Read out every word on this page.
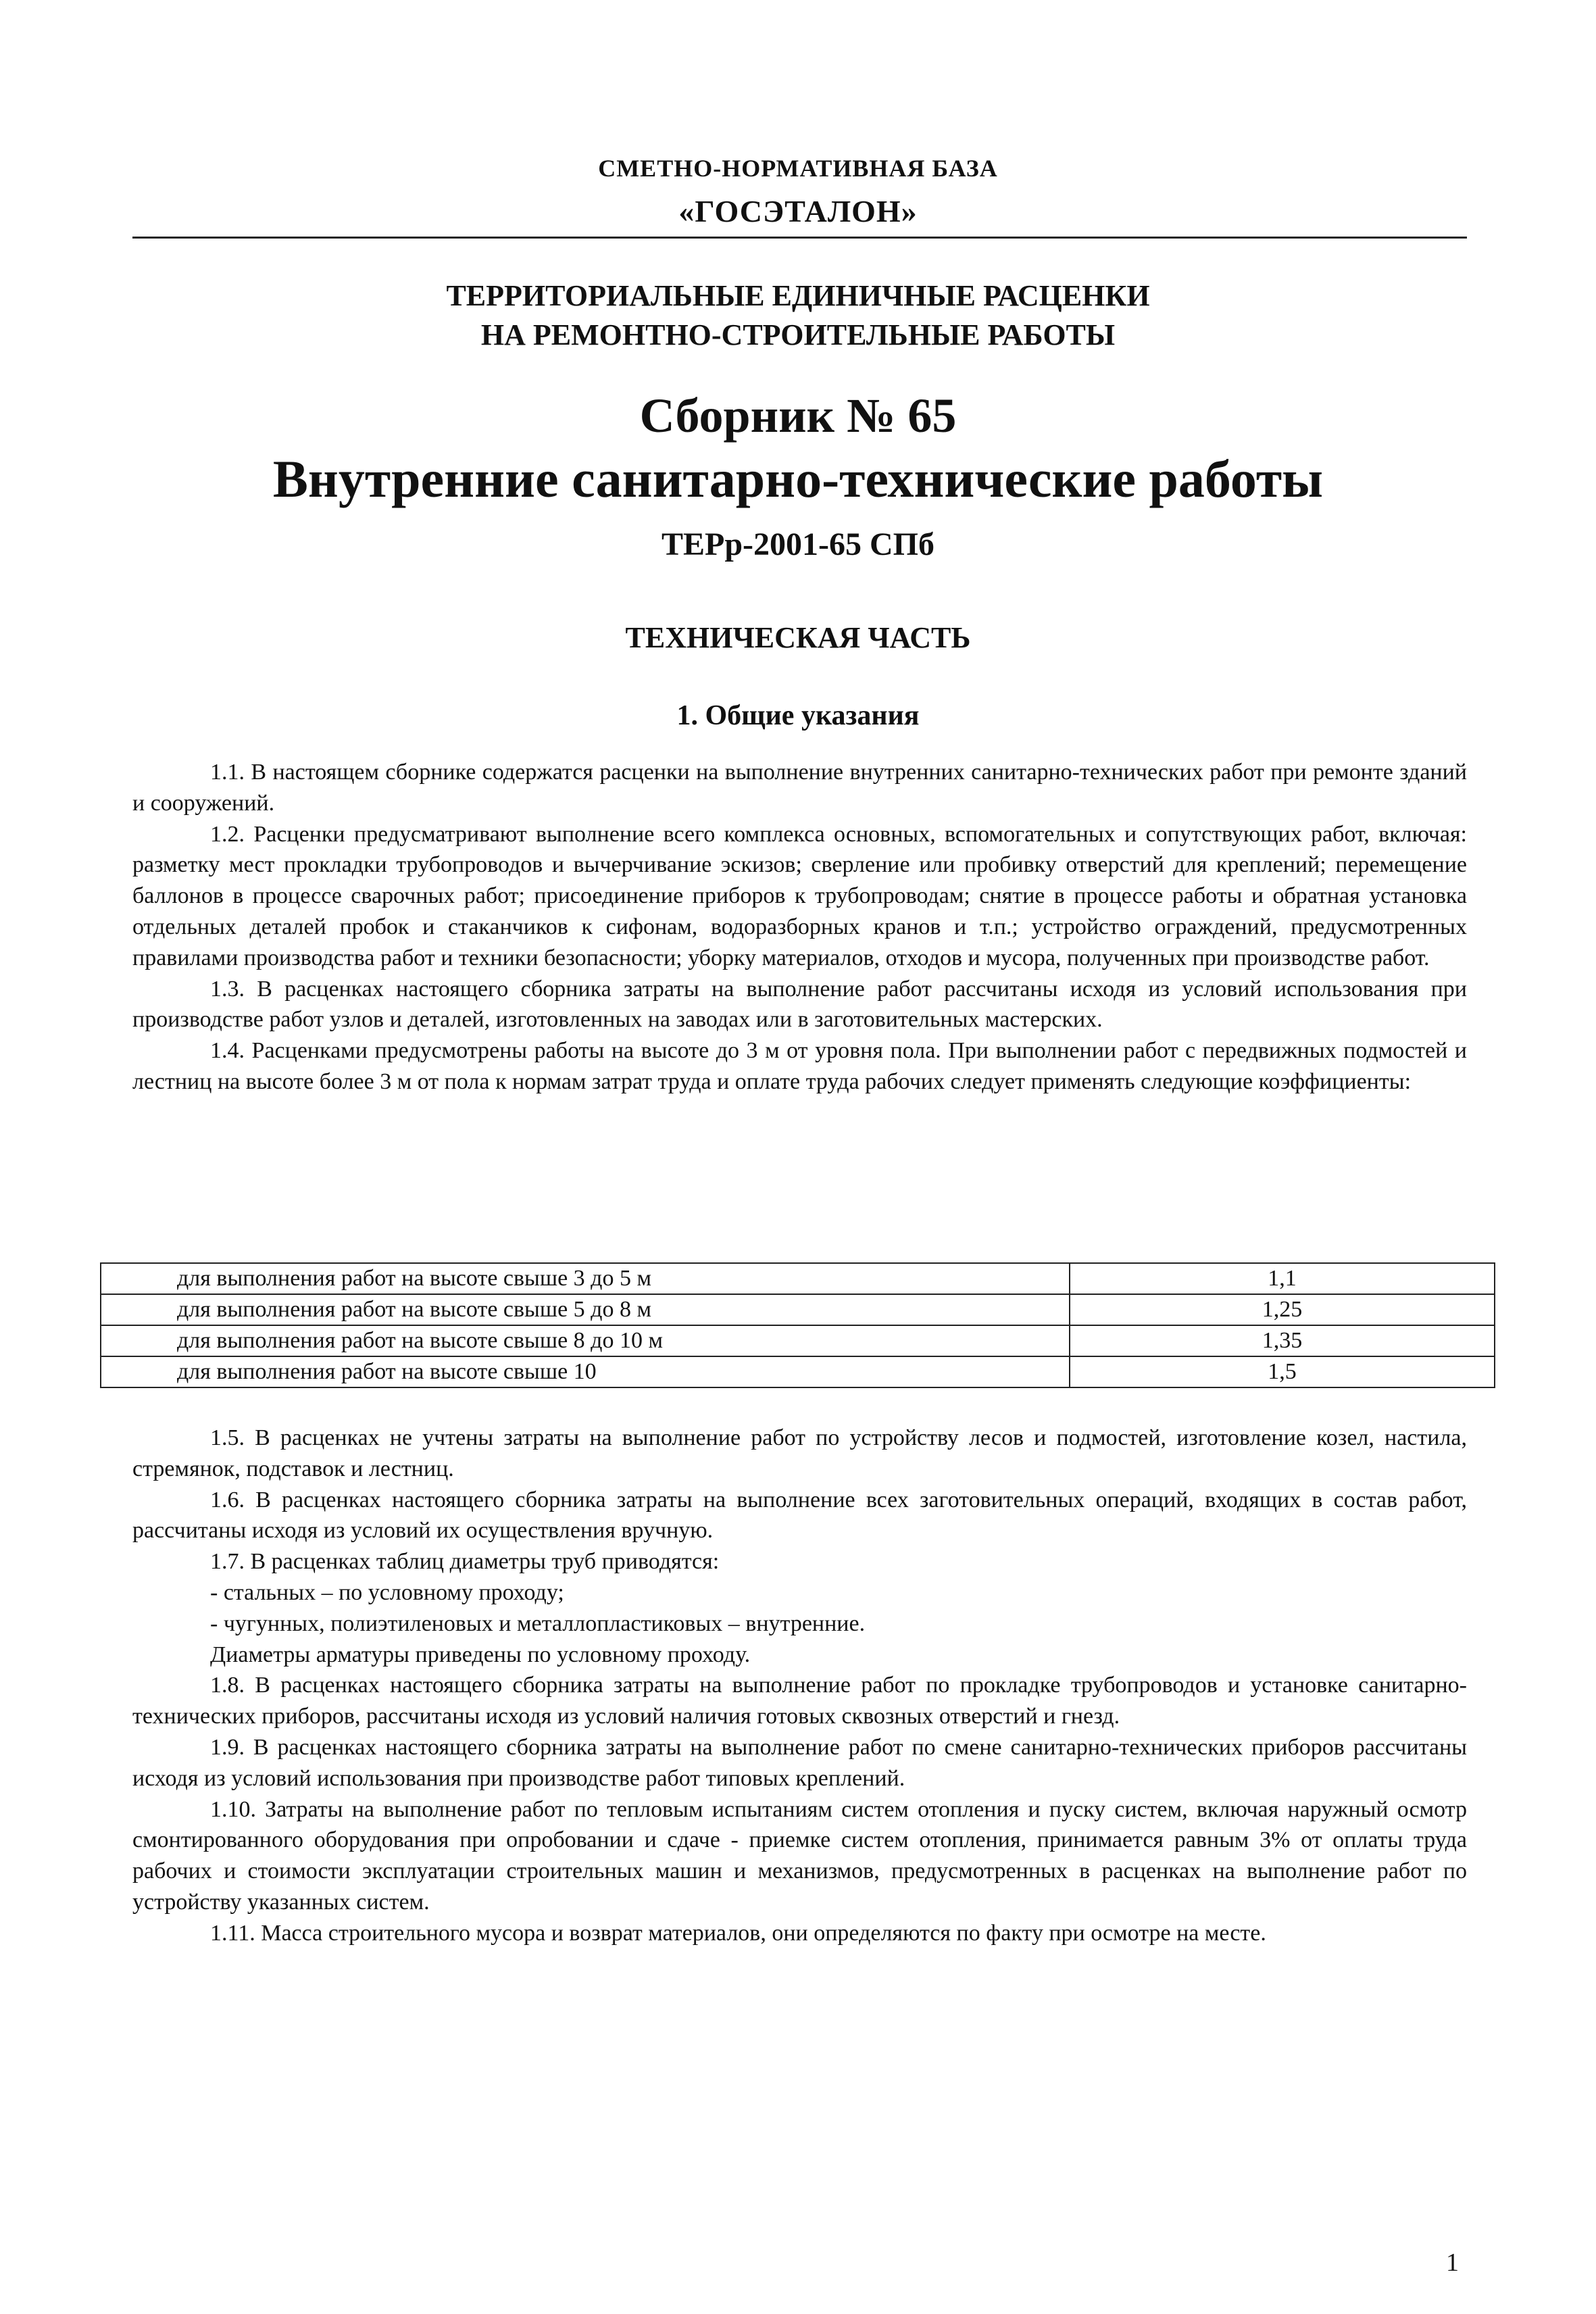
СМЕТНО-НОРМАТИВНАЯ БАЗА
«ГОСЭТАЛОН»
ТЕРРИТОРИАЛЬНЫЕ ЕДИНИЧНЫЕ РАСЦЕНКИ
НА РЕМОНТНО-СТРОИТЕЛЬНЫЕ РАБОТЫ
Сборник № 65
Внутренние санитарно-технические работы
ТЕРр-2001-65 СПб
ТЕХНИЧЕСКАЯ ЧАСТЬ
1. Общие указания

1.1. В настоящем сборнике содержатся расценки на выполнение внутренних санитарно-технических работ при ремонте зданий и сооружений.

1.2. Расценки предусматривают выполнение всего комплекса основных, вспомогательных и сопутствующих работ, включая: разметку мест прокладки трубопроводов и вычерчивание эскизов; сверление или пробивку отверстий для креплений; перемещение баллонов в процессе сварочных работ; присоединение приборов к трубопроводам; снятие в процессе работы и обратная установка отдельных деталей пробок и стаканчиков к сифонам, водоразборных кранов и т.п.; устройство ограждений, предусмотренных правилами производства работ и техники безопасности; уборку материалов, отходов и мусора, полученных при производстве работ.

1.3. В расценках настоящего сборника затраты на выполнение работ рассчитаны исходя из условий использования при производстве работ узлов и деталей, изготовленных на заводах или в заготовительных мастерских.

1.4. Расценками предусмотрены работы на высоте до 3 м от уровня пола. При выполнении работ с передвижных подмостей и лестниц на высоте более 3 м от пола к нормам затрат труда и оплате труда рабочих следует применять следующие коэффициенты:

для выполнения работ на высоте свыше 3 до 5 м	1,1
для выполнения работ на высоте свыше 5 до 8 м	1,25
для выполнения работ на высоте свыше 8 до 10 м	1,35
для выполнения работ на высоте свыше 10	1,5

1.5. В расценках не учтены затраты на выполнение работ по устройству лесов и подмостей, изготовление козел, настила, стремянок, подставок и лестниц.

1.6. В расценках настоящего сборника затраты на выполнение всех заготовительных операций, входящих в состав работ, рассчитаны исходя из условий их осуществления вручную.

1.7. В расценках таблиц диаметры труб приводятся:

- стальных – по условному проходу;

- чугунных, полиэтиленовых и металлопластиковых – внутренние.

Диаметры арматуры приведены по условному проходу.

1.8. В расценках настоящего сборника затраты на выполнение работ по прокладке трубопроводов и установке санитарно-технических приборов, рассчитаны исходя из условий наличия готовых сквозных отверстий и гнезд.

1.9. В расценках настоящего сборника затраты на выполнение работ по смене санитарно-технических приборов рассчитаны исходя из условий использования при производстве работ типовых креплений.

1.10. Затраты на выполнение работ по тепловым испытаниям систем отопления и пуску систем, включая наружный осмотр смонтированного оборудования при опробовании и сдаче - приемке систем отопления, принимается равным 3% от оплаты труда рабочих и стоимости эксплуатации строительных машин и механизмов, предусмотренных в расценках на выполнение работ по устройству указанных систем.

1.11. Масса строительного мусора и возврат материалов, они определяются по факту при осмотре на месте.

1
